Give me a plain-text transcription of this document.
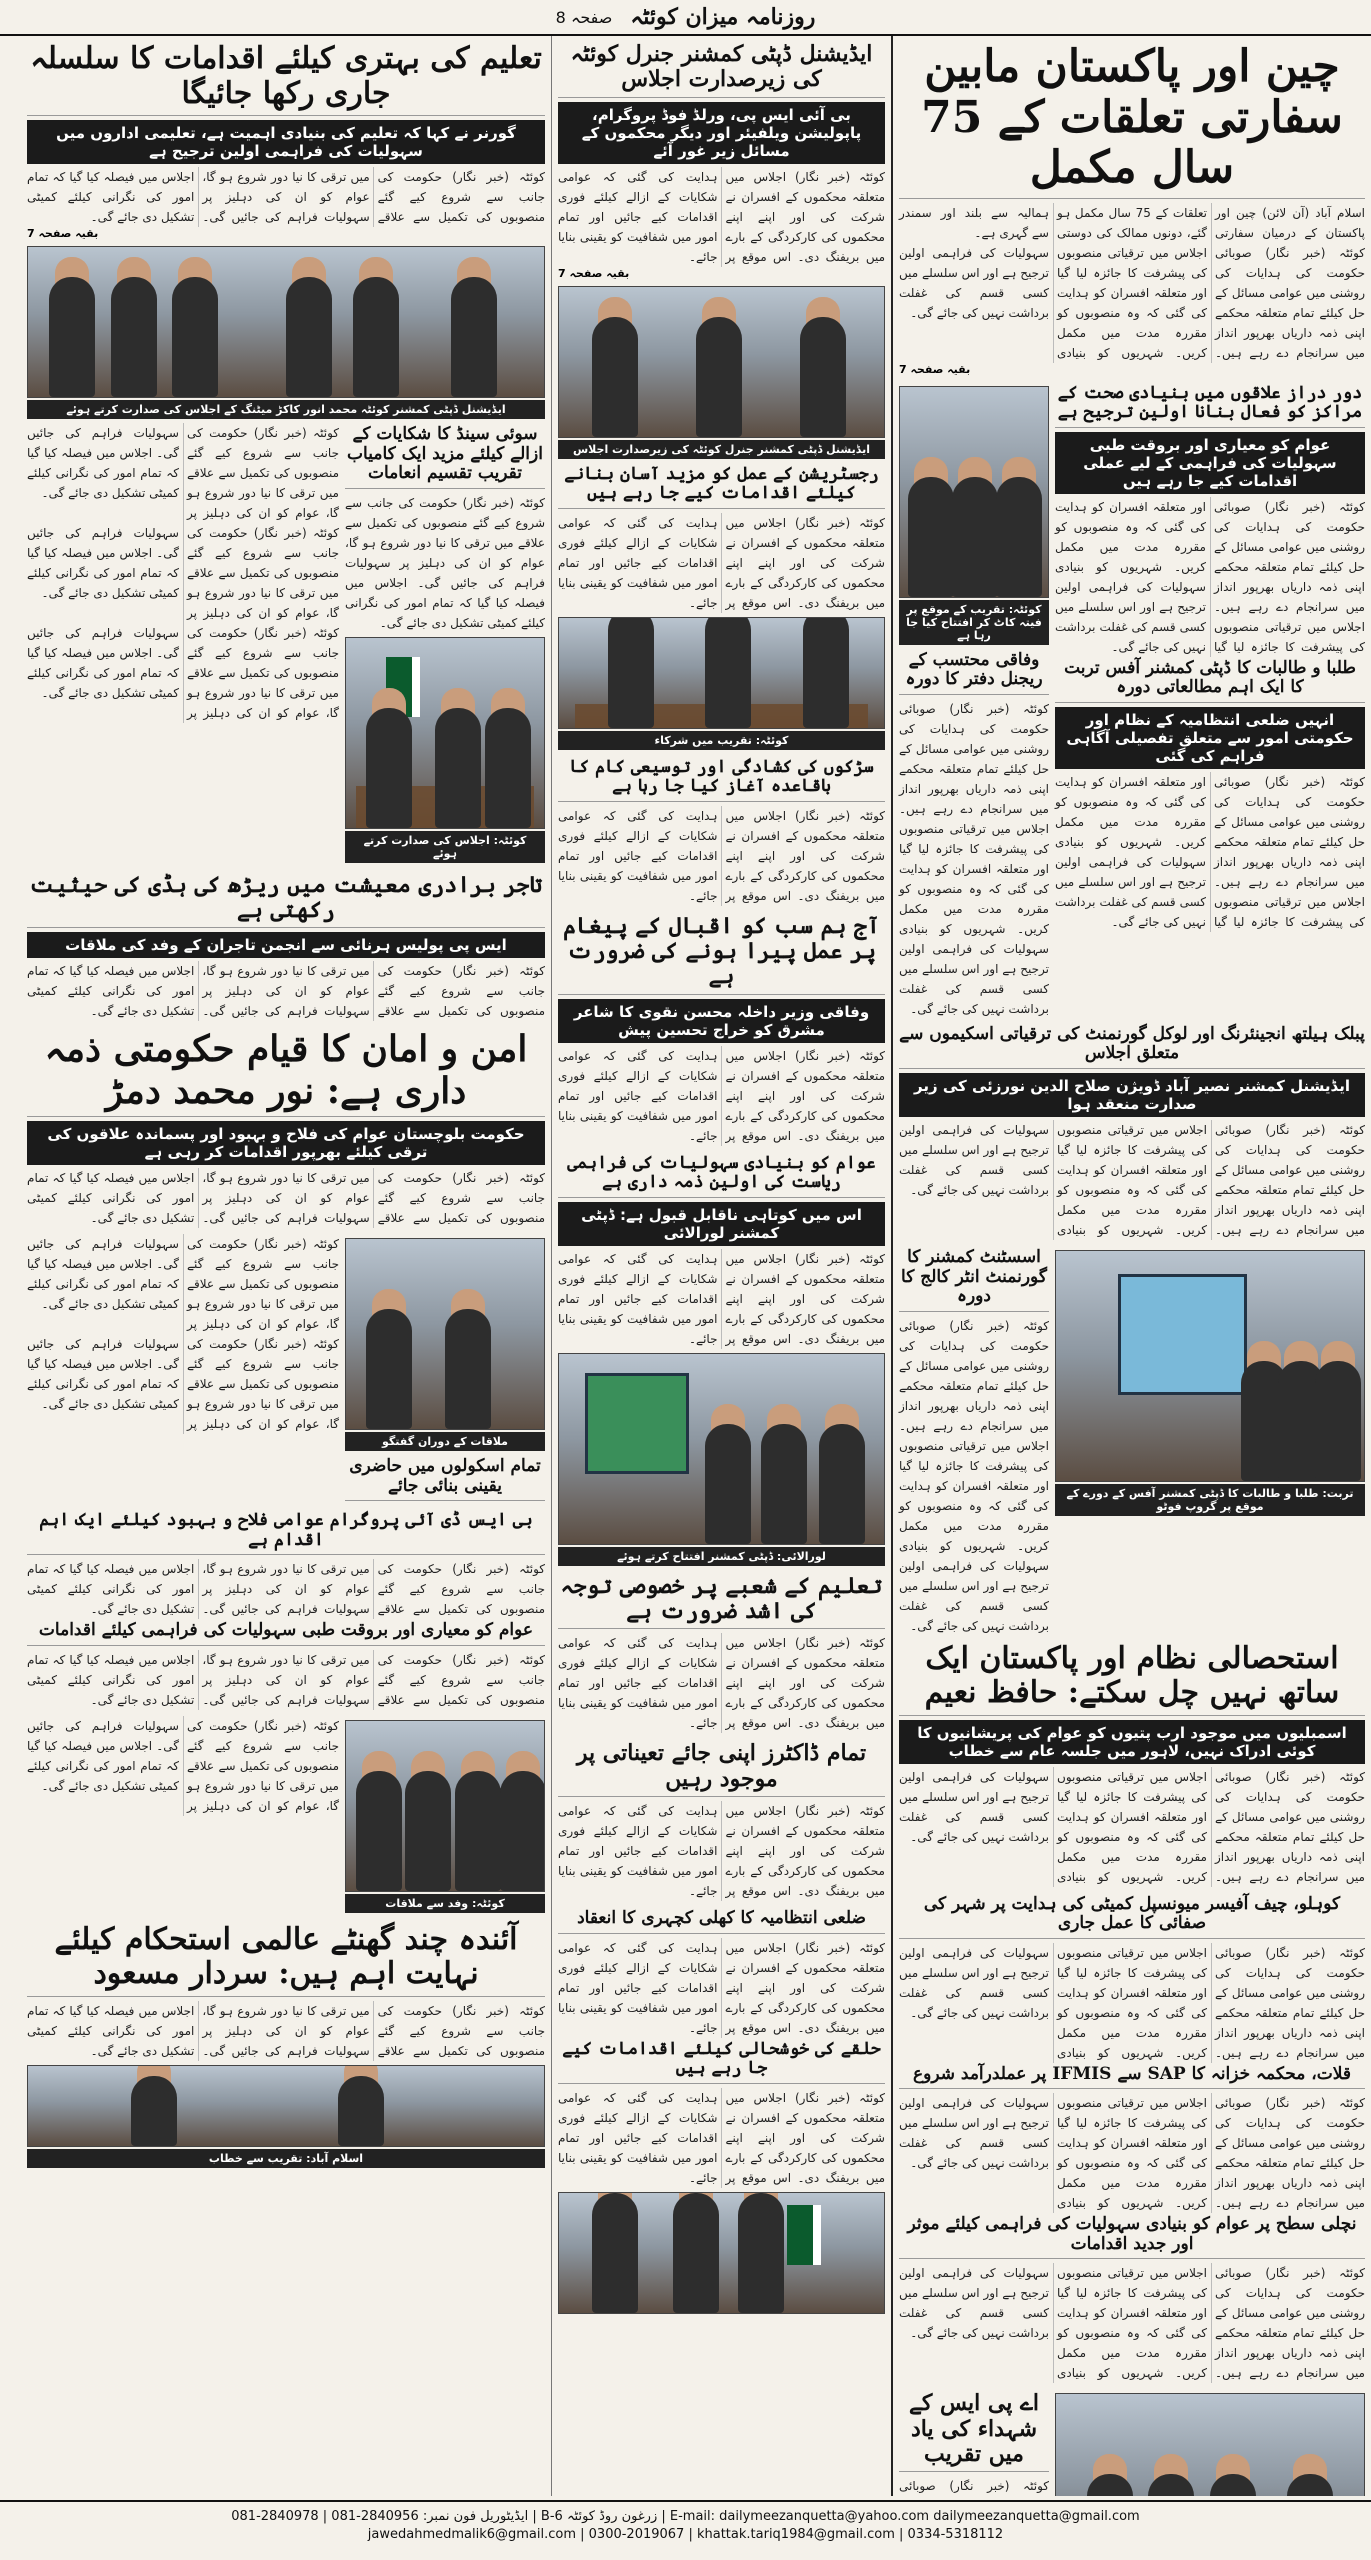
روزنامہ میزان کوئٹہ
صفحہ 8
چین اور پاکستان مابین سفارتی تعلقات کے 75 سال مکمل

اسلام آباد (آن لائن) چین اور پاکستان کے درمیان سفارتی تعلقات کے 75 سال مکمل ہو گئے، دونوں ممالک کی دوستی ہمالیہ سے بلند اور سمندر سے گہری ہے۔

کوئٹہ (خبر نگار) صوبائی حکومت کی ہدایات کی روشنی میں عوامی مسائل کے حل کیلئے تمام متعلقہ محکمے اپنی ذمہ داریاں بھرپور انداز میں سرانجام دے رہے ہیں۔ اجلاس میں ترقیاتی منصوبوں کی پیشرفت کا جائزہ لیا گیا اور متعلقہ افسران کو ہدایت کی گئی کہ وہ منصوبوں کو مقررہ مدت میں مکمل کریں۔ شہریوں کو بنیادی سہولیات کی فراہمی اولین ترجیح ہے اور اس سلسلے میں کسی قسم کی غفلت برداشت نہیں کی جائے گی۔

بقیہ صفحہ 7
دور دراز علاقوں میں بنیادی صحت کے مراکز کو فعال بنانا اولین ترجیح ہے
عوام کو معیاری اور بروقت طبی سہولیات کی فراہمی کے لیے عملی اقدامات کیے جا رہے ہیں

کوئٹہ (خبر نگار) صوبائی حکومت کی ہدایات کی روشنی میں عوامی مسائل کے حل کیلئے تمام متعلقہ محکمے اپنی ذمہ داریاں بھرپور انداز میں سرانجام دے رہے ہیں۔ اجلاس میں ترقیاتی منصوبوں کی پیشرفت کا جائزہ لیا گیا اور متعلقہ افسران کو ہدایت کی گئی کہ وہ منصوبوں کو مقررہ مدت میں مکمل کریں۔ شہریوں کو بنیادی سہولیات کی فراہمی اولین ترجیح ہے اور اس سلسلے میں کسی قسم کی غفلت برداشت نہیں کی جائے گی۔

طلبا و طالبات کا ڈپٹی کمشنر آفس تربت کا ایک اہم مطالعاتی دورہ
انہیں ضلعی انتظامیہ کے نظام اور حکومتی امور سے متعلق تفصیلی آگاہی فراہم کی گئی

کوئٹہ (خبر نگار) صوبائی حکومت کی ہدایات کی روشنی میں عوامی مسائل کے حل کیلئے تمام متعلقہ محکمے اپنی ذمہ داریاں بھرپور انداز میں سرانجام دے رہے ہیں۔ اجلاس میں ترقیاتی منصوبوں کی پیشرفت کا جائزہ لیا گیا اور متعلقہ افسران کو ہدایت کی گئی کہ وہ منصوبوں کو مقررہ مدت میں مکمل کریں۔ شہریوں کو بنیادی سہولیات کی فراہمی اولین ترجیح ہے اور اس سلسلے میں کسی قسم کی غفلت برداشت نہیں کی جائے گی۔

کوئٹہ: تقریب کے موقع پر فیتہ کاٹ کر افتتاح کیا جا رہا ہے
وفاقی محتسب کے ریجنل دفتر کا دورہ

کوئٹہ (خبر نگار) صوبائی حکومت کی ہدایات کی روشنی میں عوامی مسائل کے حل کیلئے تمام متعلقہ محکمے اپنی ذمہ داریاں بھرپور انداز میں سرانجام دے رہے ہیں۔ اجلاس میں ترقیاتی منصوبوں کی پیشرفت کا جائزہ لیا گیا اور متعلقہ افسران کو ہدایت کی گئی کہ وہ منصوبوں کو مقررہ مدت میں مکمل کریں۔ شہریوں کو بنیادی سہولیات کی فراہمی اولین ترجیح ہے اور اس سلسلے میں کسی قسم کی غفلت برداشت نہیں کی جائے گی۔

پبلک ہیلتھ انجینئرنگ اور لوکل گورنمنٹ کی ترقیاتی اسکیموں سے متعلق اجلاس
ایڈیشنل کمشنر نصیر آباد ڈویژن صلاح الدین نورزئی کی زیر صدارت منعقد ہوا

کوئٹہ (خبر نگار) صوبائی حکومت کی ہدایات کی روشنی میں عوامی مسائل کے حل کیلئے تمام متعلقہ محکمے اپنی ذمہ داریاں بھرپور انداز میں سرانجام دے رہے ہیں۔ اجلاس میں ترقیاتی منصوبوں کی پیشرفت کا جائزہ لیا گیا اور متعلقہ افسران کو ہدایت کی گئی کہ وہ منصوبوں کو مقررہ مدت میں مکمل کریں۔ شہریوں کو بنیادی سہولیات کی فراہمی اولین ترجیح ہے اور اس سلسلے میں کسی قسم کی غفلت برداشت نہیں کی جائے گی۔

تربت: طلبا و طالبات کا ڈپٹی کمشنر آفس کے دورے کے موقع پر گروپ فوٹو
اسسٹنٹ کمشنر کا گورنمنٹ انٹر کالج کا دورہ

کوئٹہ (خبر نگار) صوبائی حکومت کی ہدایات کی روشنی میں عوامی مسائل کے حل کیلئے تمام متعلقہ محکمے اپنی ذمہ داریاں بھرپور انداز میں سرانجام دے رہے ہیں۔ اجلاس میں ترقیاتی منصوبوں کی پیشرفت کا جائزہ لیا گیا اور متعلقہ افسران کو ہدایت کی گئی کہ وہ منصوبوں کو مقررہ مدت میں مکمل کریں۔ شہریوں کو بنیادی سہولیات کی فراہمی اولین ترجیح ہے اور اس سلسلے میں کسی قسم کی غفلت برداشت نہیں کی جائے گی۔

استحصالی نظام اور پاکستان ایک ساتھ نہیں چل سکتے: حافظ نعیم
اسمبلیوں میں موجود ارب پتیوں کو عوام کی پریشانیوں کا کوئی ادراک نہیں، لاہور میں جلسہ عام سے خطاب

کوئٹہ (خبر نگار) صوبائی حکومت کی ہدایات کی روشنی میں عوامی مسائل کے حل کیلئے تمام متعلقہ محکمے اپنی ذمہ داریاں بھرپور انداز میں سرانجام دے رہے ہیں۔ اجلاس میں ترقیاتی منصوبوں کی پیشرفت کا جائزہ لیا گیا اور متعلقہ افسران کو ہدایت کی گئی کہ وہ منصوبوں کو مقررہ مدت میں مکمل کریں۔ شہریوں کو بنیادی سہولیات کی فراہمی اولین ترجیح ہے اور اس سلسلے میں کسی قسم کی غفلت برداشت نہیں کی جائے گی۔

کوہلو، چیف آفیسر میونسپل کمیٹی کی ہدایت پر شہر کی صفائی کا عمل جاری

کوئٹہ (خبر نگار) صوبائی حکومت کی ہدایات کی روشنی میں عوامی مسائل کے حل کیلئے تمام متعلقہ محکمے اپنی ذمہ داریاں بھرپور انداز میں سرانجام دے رہے ہیں۔ اجلاس میں ترقیاتی منصوبوں کی پیشرفت کا جائزہ لیا گیا اور متعلقہ افسران کو ہدایت کی گئی کہ وہ منصوبوں کو مقررہ مدت میں مکمل کریں۔ شہریوں کو بنیادی سہولیات کی فراہمی اولین ترجیح ہے اور اس سلسلے میں کسی قسم کی غفلت برداشت نہیں کی جائے گی۔

قلات، محکمہ خزانہ کا SAP سے IFMIS پر عملدرآمد شروع

کوئٹہ (خبر نگار) صوبائی حکومت کی ہدایات کی روشنی میں عوامی مسائل کے حل کیلئے تمام متعلقہ محکمے اپنی ذمہ داریاں بھرپور انداز میں سرانجام دے رہے ہیں۔ اجلاس میں ترقیاتی منصوبوں کی پیشرفت کا جائزہ لیا گیا اور متعلقہ افسران کو ہدایت کی گئی کہ وہ منصوبوں کو مقررہ مدت میں مکمل کریں۔ شہریوں کو بنیادی سہولیات کی فراہمی اولین ترجیح ہے اور اس سلسلے میں کسی قسم کی غفلت برداشت نہیں کی جائے گی۔

نچلی سطح پر عوام کو بنیادی سہولیات کی فراہمی کیلئے موثر اور جدید اقدامات

کوئٹہ (خبر نگار) صوبائی حکومت کی ہدایات کی روشنی میں عوامی مسائل کے حل کیلئے تمام متعلقہ محکمے اپنی ذمہ داریاں بھرپور انداز میں سرانجام دے رہے ہیں۔ اجلاس میں ترقیاتی منصوبوں کی پیشرفت کا جائزہ لیا گیا اور متعلقہ افسران کو ہدایت کی گئی کہ وہ منصوبوں کو مقررہ مدت میں مکمل کریں۔ شہریوں کو بنیادی سہولیات کی فراہمی اولین ترجیح ہے اور اس سلسلے میں کسی قسم کی غفلت برداشت نہیں کی جائے گی۔

اے پی ایس کے شہداء کی یاد میں تقریب

کوئٹہ (خبر نگار) صوبائی

ایڈیشنل ڈپٹی کمشنر جنرل کوئٹہ کی زیرصدارت اجلاس
بی آئی ایس پی، ورلڈ فوڈ پروگرام، پاپولیشن ویلفیئر اور دیگر محکموں کے مسائل زیر غور آئے

کوئٹہ (خبر نگار) اجلاس میں متعلقہ محکموں کے افسران نے شرکت کی اور اپنے اپنے محکموں کی کارکردگی کے بارے میں بریفنگ دی۔ اس موقع پر ہدایت کی گئی کہ عوامی شکایات کے ازالے کیلئے فوری اقدامات کیے جائیں اور تمام امور میں شفافیت کو یقینی بنایا جائے۔

بقیہ صفحہ 7
ایڈیشنل ڈپٹی کمشنر جنرل کوئٹہ کی زیرصدارت اجلاس
رجسٹریشن کے عمل کو مزید آسان بنانے کیلئے اقدامات کیے جا رہے ہیں

کوئٹہ (خبر نگار) اجلاس میں متعلقہ محکموں کے افسران نے شرکت کی اور اپنے اپنے محکموں کی کارکردگی کے بارے میں بریفنگ دی۔ اس موقع پر ہدایت کی گئی کہ عوامی شکایات کے ازالے کیلئے فوری اقدامات کیے جائیں اور تمام امور میں شفافیت کو یقینی بنایا جائے۔

کوئٹہ: تقریب میں شرکاء
سڑکوں کی کشادگی اور توسیعی کام کا باقاعدہ آغاز کیا جا رہا ہے

کوئٹہ (خبر نگار) اجلاس میں متعلقہ محکموں کے افسران نے شرکت کی اور اپنے اپنے محکموں کی کارکردگی کے بارے میں بریفنگ دی۔ اس موقع پر ہدایت کی گئی کہ عوامی شکایات کے ازالے کیلئے فوری اقدامات کیے جائیں اور تمام امور میں شفافیت کو یقینی بنایا جائے۔

آج ہم سب کو اقبال کے پیغام پر عمل پیرا ہونے کی ضرورت ہے
وفاقی وزیر داخلہ محسن نقوی کا شاعر مشرق کو خراج تحسین پیش

کوئٹہ (خبر نگار) اجلاس میں متعلقہ محکموں کے افسران نے شرکت کی اور اپنے اپنے محکموں کی کارکردگی کے بارے میں بریفنگ دی۔ اس موقع پر ہدایت کی گئی کہ عوامی شکایات کے ازالے کیلئے فوری اقدامات کیے جائیں اور تمام امور میں شفافیت کو یقینی بنایا جائے۔

عوام کو بنیادی سہولیات کی فراہمی ریاست کی اولین ذمہ داری ہے
اس میں کوتاہی ناقابل قبول ہے: ڈپٹی کمشنر لورالائی

کوئٹہ (خبر نگار) اجلاس میں متعلقہ محکموں کے افسران نے شرکت کی اور اپنے اپنے محکموں کی کارکردگی کے بارے میں بریفنگ دی۔ اس موقع پر ہدایت کی گئی کہ عوامی شکایات کے ازالے کیلئے فوری اقدامات کیے جائیں اور تمام امور میں شفافیت کو یقینی بنایا جائے۔

لورالائی: ڈپٹی کمشنر افتتاح کرتے ہوئے
تعلیم کے شعبے پر خصوصی توجہ کی اشد ضرورت ہے

کوئٹہ (خبر نگار) اجلاس میں متعلقہ محکموں کے افسران نے شرکت کی اور اپنے اپنے محکموں کی کارکردگی کے بارے میں بریفنگ دی۔ اس موقع پر ہدایت کی گئی کہ عوامی شکایات کے ازالے کیلئے فوری اقدامات کیے جائیں اور تمام امور میں شفافیت کو یقینی بنایا جائے۔

تمام ڈاکٹرز اپنی جائے تعیناتی پر موجود رہیں

کوئٹہ (خبر نگار) اجلاس میں متعلقہ محکموں کے افسران نے شرکت کی اور اپنے اپنے محکموں کی کارکردگی کے بارے میں بریفنگ دی۔ اس موقع پر ہدایت کی گئی کہ عوامی شکایات کے ازالے کیلئے فوری اقدامات کیے جائیں اور تمام امور میں شفافیت کو یقینی بنایا جائے۔

ضلعی انتظامیہ کا کھلی کچہری کا انعقاد

کوئٹہ (خبر نگار) اجلاس میں متعلقہ محکموں کے افسران نے شرکت کی اور اپنے اپنے محکموں کی کارکردگی کے بارے میں بریفنگ دی۔ اس موقع پر ہدایت کی گئی کہ عوامی شکایات کے ازالے کیلئے فوری اقدامات کیے جائیں اور تمام امور میں شفافیت کو یقینی بنایا جائے۔

حلقے کی خوشحالی کیلئے اقدامات کیے جا رہے ہیں

کوئٹہ (خبر نگار) اجلاس میں متعلقہ محکموں کے افسران نے شرکت کی اور اپنے اپنے محکموں کی کارکردگی کے بارے میں بریفنگ دی۔ اس موقع پر ہدایت کی گئی کہ عوامی شکایات کے ازالے کیلئے فوری اقدامات کیے جائیں اور تمام امور میں شفافیت کو یقینی بنایا جائے۔

تعلیم کی بہتری کیلئے اقدامات کا سلسلہ جاری رکھا جائیگا
گورنر نے کہا کہ تعلیم کی بنیادی اہمیت ہے، تعلیمی اداروں میں سہولیات کی فراہمی اولین ترجیح ہے

کوئٹہ (خبر نگار) حکومت کی جانب سے شروع کیے گئے منصوبوں کی تکمیل سے علاقے میں ترقی کا نیا دور شروع ہو گا، عوام کو ان کی دہلیز پر سہولیات فراہم کی جائیں گی۔ اجلاس میں فیصلہ کیا گیا کہ تمام امور کی نگرانی کیلئے کمیٹی تشکیل دی جائے گی۔

بقیہ صفحہ 7
ایڈیشنل ڈپٹی کمشنر کوئٹہ محمد انور کاکڑ میٹنگ کے اجلاس کی صدارت کرتے ہوئے
سوئی سینڈ کا شکایات کے ازالے کیلئے مزید ایک کامیاب تقریب تقسیم انعامات

کوئٹہ (خبر نگار) حکومت کی جانب سے شروع کیے گئے منصوبوں کی تکمیل سے علاقے میں ترقی کا نیا دور شروع ہو گا، عوام کو ان کی دہلیز پر سہولیات فراہم کی جائیں گی۔ اجلاس میں فیصلہ کیا گیا کہ تمام امور کی نگرانی کیلئے کمیٹی تشکیل دی جائے گی۔

کوئٹہ: اجلاس کی صدارت کرتے ہوئے

کوئٹہ (خبر نگار) حکومت کی جانب سے شروع کیے گئے منصوبوں کی تکمیل سے علاقے میں ترقی کا نیا دور شروع ہو گا، عوام کو ان کی دہلیز پر سہولیات فراہم کی جائیں گی۔ اجلاس میں فیصلہ کیا گیا کہ تمام امور کی نگرانی کیلئے کمیٹی تشکیل دی جائے گی۔

کوئٹہ (خبر نگار) حکومت کی جانب سے شروع کیے گئے منصوبوں کی تکمیل سے علاقے میں ترقی کا نیا دور شروع ہو گا، عوام کو ان کی دہلیز پر سہولیات فراہم کی جائیں گی۔ اجلاس میں فیصلہ کیا گیا کہ تمام امور کی نگرانی کیلئے کمیٹی تشکیل دی جائے گی۔

کوئٹہ (خبر نگار) حکومت کی جانب سے شروع کیے گئے منصوبوں کی تکمیل سے علاقے میں ترقی کا نیا دور شروع ہو گا، عوام کو ان کی دہلیز پر سہولیات فراہم کی جائیں گی۔ اجلاس میں فیصلہ کیا گیا کہ تمام امور کی نگرانی کیلئے کمیٹی تشکیل دی جائے گی۔

تاجر برادری معیشت میں ریڑھ کی ہڈی کی حیثیت رکھتی ہے
ایس پی پولیس ہرنائی سے انجمن تاجران کے وفد کی ملاقات

کوئٹہ (خبر نگار) حکومت کی جانب سے شروع کیے گئے منصوبوں کی تکمیل سے علاقے میں ترقی کا نیا دور شروع ہو گا، عوام کو ان کی دہلیز پر سہولیات فراہم کی جائیں گی۔ اجلاس میں فیصلہ کیا گیا کہ تمام امور کی نگرانی کیلئے کمیٹی تشکیل دی جائے گی۔

امن و امان کا قیام حکومتی ذمہ داری ہے: نور محمد دمڑ
حکومت بلوچستان عوام کی فلاح و بہبود اور پسماندہ علاقوں کی ترقی کیلئے بھرپور اقدامات کر رہی ہے

کوئٹہ (خبر نگار) حکومت کی جانب سے شروع کیے گئے منصوبوں کی تکمیل سے علاقے میں ترقی کا نیا دور شروع ہو گا، عوام کو ان کی دہلیز پر سہولیات فراہم کی جائیں گی۔ اجلاس میں فیصلہ کیا گیا کہ تمام امور کی نگرانی کیلئے کمیٹی تشکیل دی جائے گی۔

ملاقات کے دوران گفتگو
تمام اسکولوں میں حاضری یقینی بنائی جائے

کوئٹہ (خبر نگار) حکومت کی جانب سے شروع کیے گئے منصوبوں کی تکمیل سے علاقے میں ترقی کا نیا دور شروع ہو گا، عوام کو ان کی دہلیز پر سہولیات فراہم کی جائیں گی۔ اجلاس میں فیصلہ کیا گیا کہ تمام امور کی نگرانی کیلئے کمیٹی تشکیل دی جائے گی۔

کوئٹہ (خبر نگار) حکومت کی جانب سے شروع کیے گئے منصوبوں کی تکمیل سے علاقے میں ترقی کا نیا دور شروع ہو گا، عوام کو ان کی دہلیز پر سہولیات فراہم کی جائیں گی۔ اجلاس میں فیصلہ کیا گیا کہ تمام امور کی نگرانی کیلئے کمیٹی تشکیل دی جائے گی۔

بی ایس ڈی آئی پروگرام عوامی فلاح و بہبود کیلئے ایک اہم اقدام ہے

کوئٹہ (خبر نگار) حکومت کی جانب سے شروع کیے گئے منصوبوں کی تکمیل سے علاقے میں ترقی کا نیا دور شروع ہو گا، عوام کو ان کی دہلیز پر سہولیات فراہم کی جائیں گی۔ اجلاس میں فیصلہ کیا گیا کہ تمام امور کی نگرانی کیلئے کمیٹی تشکیل دی جائے گی۔

عوام کو معیاری اور بروقت طبی سہولیات کی فراہمی کیلئے اقدامات

کوئٹہ (خبر نگار) حکومت کی جانب سے شروع کیے گئے منصوبوں کی تکمیل سے علاقے میں ترقی کا نیا دور شروع ہو گا، عوام کو ان کی دہلیز پر سہولیات فراہم کی جائیں گی۔ اجلاس میں فیصلہ کیا گیا کہ تمام امور کی نگرانی کیلئے کمیٹی تشکیل دی جائے گی۔

کوئٹہ: وفد سے ملاقات

کوئٹہ (خبر نگار) حکومت کی جانب سے شروع کیے گئے منصوبوں کی تکمیل سے علاقے میں ترقی کا نیا دور شروع ہو گا، عوام کو ان کی دہلیز پر سہولیات فراہم کی جائیں گی۔ اجلاس میں فیصلہ کیا گیا کہ تمام امور کی نگرانی کیلئے کمیٹی تشکیل دی جائے گی۔

آئندہ چند گھنٹے عالمی استحکام کیلئے نہایت اہم ہیں: سردار مسعود

کوئٹہ (خبر نگار) حکومت کی جانب سے شروع کیے گئے منصوبوں کی تکمیل سے علاقے میں ترقی کا نیا دور شروع ہو گا، عوام کو ان کی دہلیز پر سہولیات فراہم کی جائیں گی۔ اجلاس میں فیصلہ کیا گیا کہ تمام امور کی نگرانی کیلئے کمیٹی تشکیل دی جائے گی۔

اسلام آباد: تقریب سے خطاب
081-2840978 | 081-2840956 :ایڈیٹوریل فون نمبر | B-6 زرغون روڈ کوئٹہ | E-mail: dailymeezanquetta@yahoo.com dailymeezanquetta@gmail.com
jawedahmedmalik6@gmail.com | 0300-2019067 | khattak.tariq1984@gmail.com | 0334-5318112
